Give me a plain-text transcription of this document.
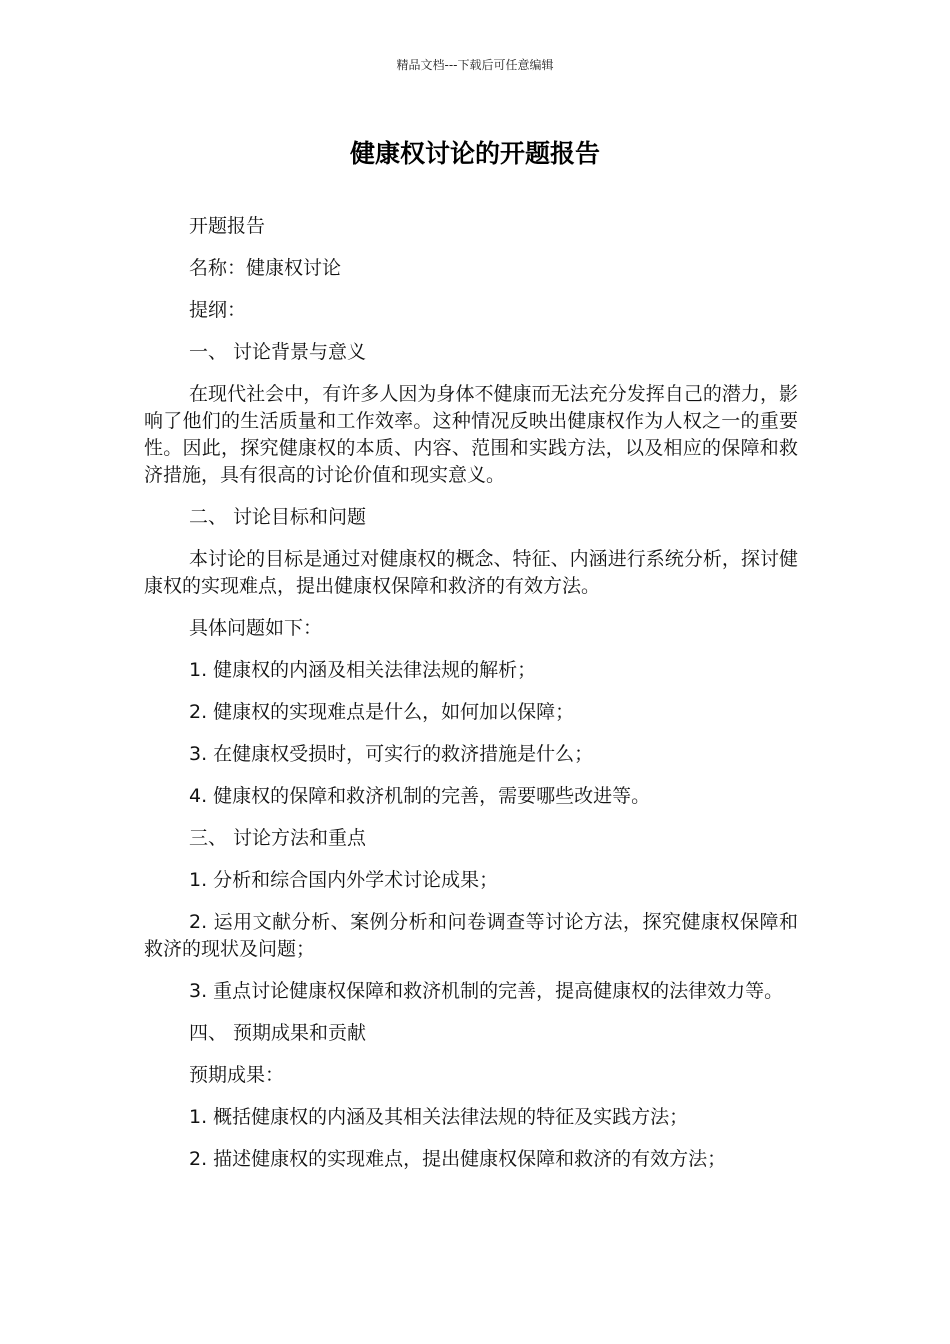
精品文档---下载后可任意编辑
健康权讨论的开题报告

开题报告

名称：健康权讨论

提纲：

一、 讨论背景与意义

在现代社会中，有许多人因为身体不健康而无法充分发挥自己的潜力，影响了他们的生活质量和工作效率。这种情况反映出健康权作为人权之一的重要性。因此，探究健康权的本质、内容、范围和实践方法，以及相应的保障和救济措施，具有很高的讨论价值和现实意义。

二、 讨论目标和问题

本讨论的目标是通过对健康权的概念、特征、内涵进行系统分析，探讨健康权的实现难点，提出健康权保障和救济的有效方法。

具体问题如下：

1. 健康权的内涵及相关法律法规的解析；

2. 健康权的实现难点是什么，如何加以保障；

3. 在健康权受损时，可实行的救济措施是什么；

4. 健康权的保障和救济机制的完善，需要哪些改进等。

三、 讨论方法和重点

1. 分析和综合国内外学术讨论成果；

2. 运用文献分析、案例分析和问卷调查等讨论方法，探究健康权保障和救济的现状及问题；

3. 重点讨论健康权保障和救济机制的完善，提高健康权的法律效力等。

四、 预期成果和贡献

预期成果：

1. 概括健康权的内涵及其相关法律法规的特征及实践方法；

2. 描述健康权的实现难点，提出健康权保障和救济的有效方法；
